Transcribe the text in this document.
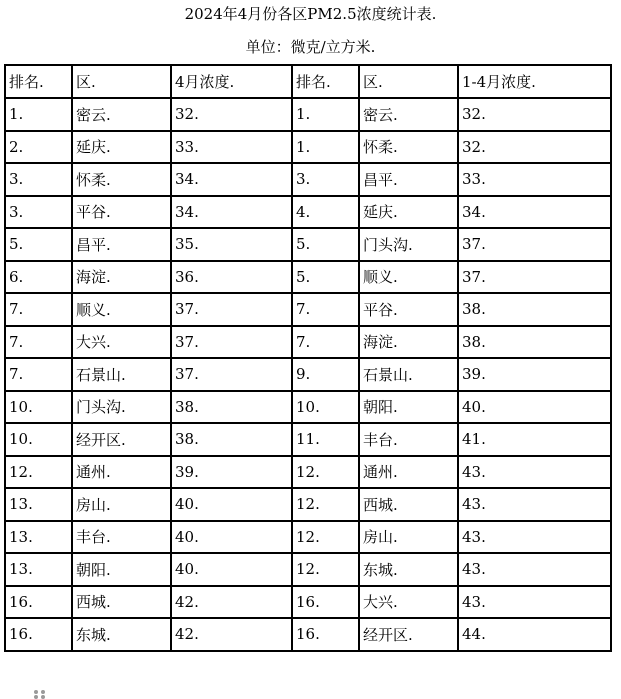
2024年4月份各区PM2.5浓度统计表.
单位：微克/立方米.
排名.	区.	4月浓度.	排名.	区.	1-4月浓度.
1.	密云.	32.	1.	密云.	32.
2.	延庆.	33.	1.	怀柔.	32.
3.	怀柔.	34.	3.	昌平.	33.
3.	平谷.	34.	4.	延庆.	34.
5.	昌平.	35.	5.	门头沟.	37.
6.	海淀.	36.	5.	顺义.	37.
7.	顺义.	37.	7.	平谷.	38.
7.	大兴.	37.	7.	海淀.	38.
7.	石景山.	37.	9.	石景山.	39.
10.	门头沟.	38.	10.	朝阳.	40.
10.	经开区.	38.	11.	丰台.	41.
12.	通州.	39.	12.	通州.	43.
13.	房山.	40.	12.	西城.	43.
13.	丰台.	40.	12.	房山.	43.
13.	朝阳.	40.	12.	东城.	43.
16.	西城.	42.	16.	大兴.	43.
16.	东城.	42.	16.	经开区.	44.
